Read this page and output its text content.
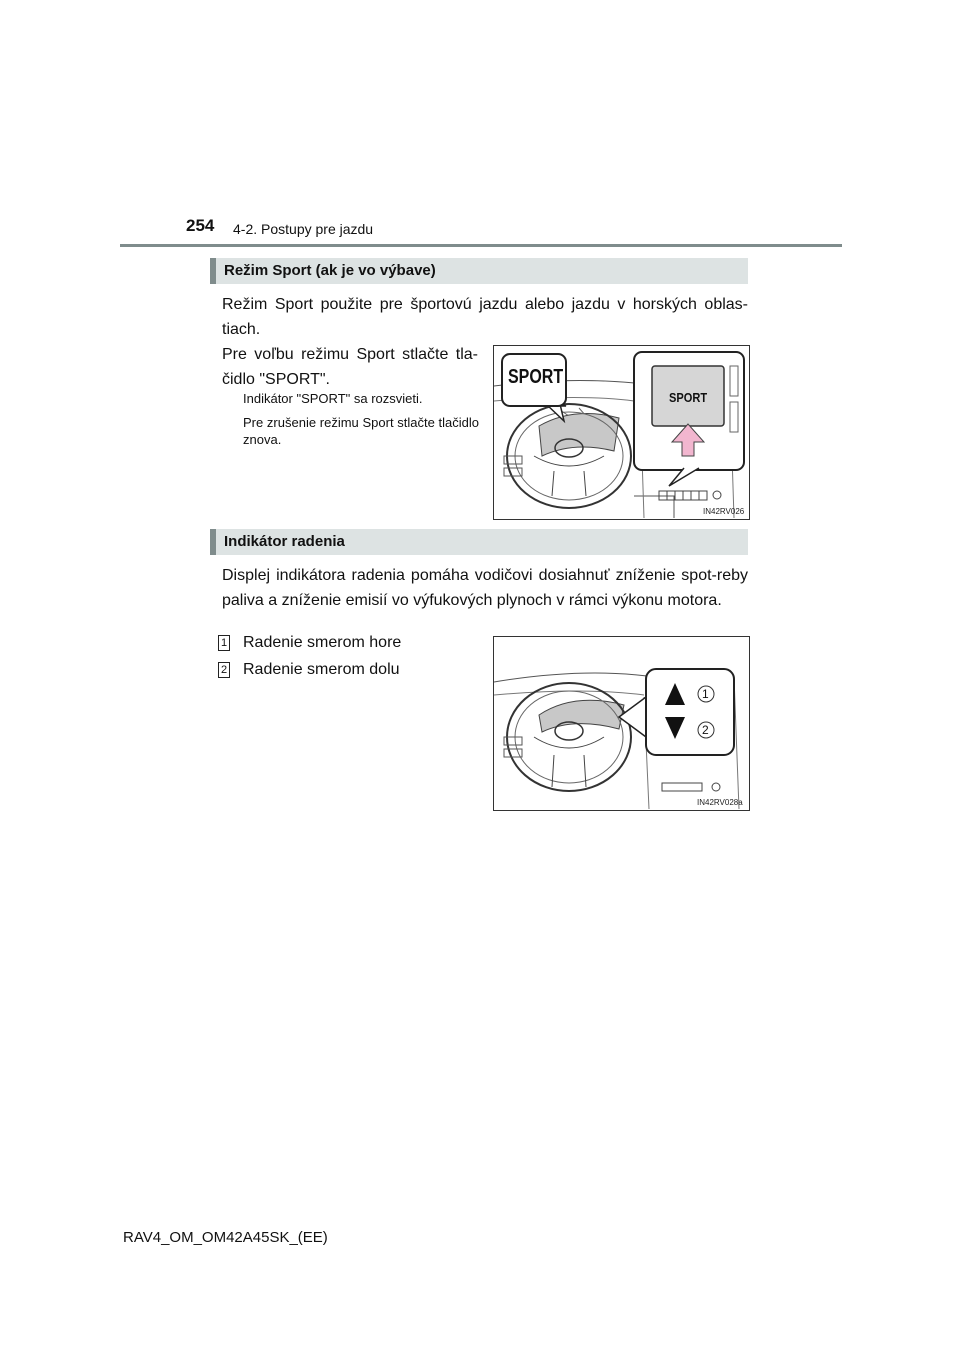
254 4-2. Postupy pre jazdu
Režim Sport (ak je vo výbave)
Režim Sport použite pre športovú jazdu alebo jazdu v horských oblas-tiach.
Pre voľbu režimu Sport stlačte tla-čidlo "SPORT".
Indikátor "SPORT" sa rozsvieti.
Pre zrušenie režimu Sport stlačte tlačidlo znova.
SPORT
SPORT
IN42RV026
Indikátor radenia
Displej indikátora radenia pomáha vodičovi dosiahnuť zníženie spot-reby paliva a zníženie emisií vo výfukových plynoch v rámci výkonu motora.
1 Radenie smerom hore
2 Radenie smerom dolu
1
2
IN42RV028a
RAV4_OM_OM42A45SK_(EE)
